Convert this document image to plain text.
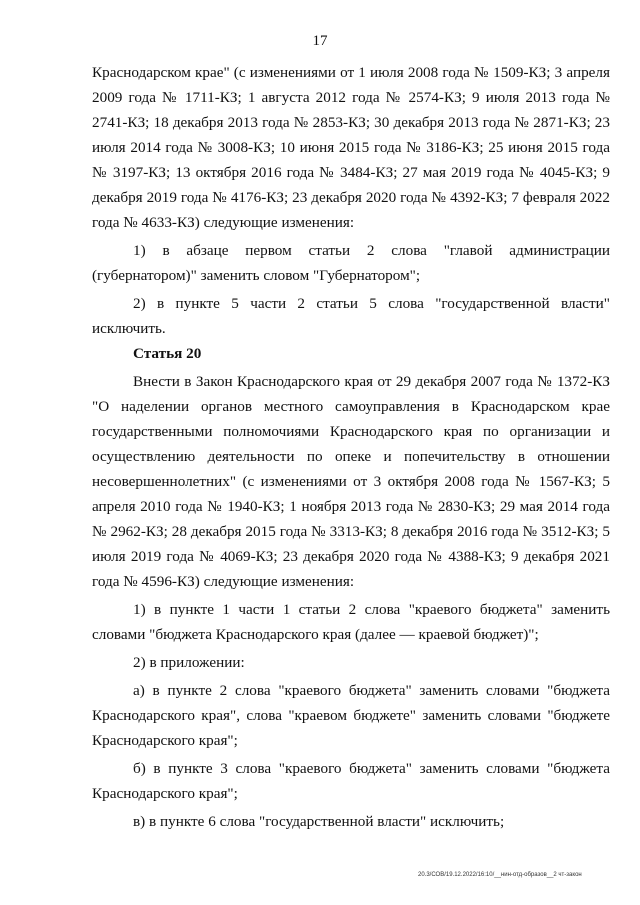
17

Краснодарском крае" (с изменениями от 1 июля 2008 года № 1509-КЗ; 3 апреля 2009 года № 1711-КЗ; 1 августа 2012 года № 2574-КЗ; 9 июля 2013 года № 2741-КЗ; 18 декабря 2013 года № 2853-КЗ; 30 декабря 2013 года № 2871-КЗ; 23 июля 2014 года № 3008-КЗ; 10 июня 2015 года № 3186-КЗ; 25 июня 2015 года № 3197-КЗ; 13 октября 2016 года № 3484-КЗ; 27 мая 2019 года № 4045-КЗ; 9 декабря 2019 года № 4176-КЗ; 23 декабря 2020 года № 4392-КЗ; 7 февраля 2022 года № 4633-КЗ) следующие изменения:

1) в абзаце первом статьи 2 слова "главой администрации (губернатором)" заменить словом "Губернатором";

2) в пункте 5 части 2 статьи 5 слова "государственной власти" исключить.

Статья 20

Внести в Закон Краснодарского края от 29 декабря 2007 года № 1372-КЗ "О наделении органов местного самоуправления в Краснодарском крае государственными полномочиями Краснодарского края по организации и осуществлению деятельности по опеке и попечительству в отношении несовершеннолетних" (с изменениями от 3 октября 2008 года № 1567-КЗ; 5 апреля 2010 года № 1940-КЗ; 1 ноября 2013 года № 2830-КЗ; 29 мая 2014 года № 2962-КЗ; 28 декабря 2015 года № 3313-КЗ; 8 декабря 2016 года № 3512-КЗ; 5 июля 2019 года № 4069-КЗ; 23 декабря 2020 года № 4388-КЗ; 9 декабря 2021 года № 4596-КЗ) следующие изменения:

1) в пункте 1 части 1 статьи 2 слова "краевого бюджета" заменить словами "бюджета Краснодарского края (далее — краевой бюджет)";

2) в приложении:

а) в пункте 2 слова "краевого бюджета" заменить словами "бюджета Краснодарского края", слова "краевом бюджете" заменить словами "бюджете Краснодарского края";

б) в пункте 3 слова "краевого бюджета" заменить словами "бюджета Краснодарского края";

в) в пункте 6 слова "государственной власти" исключить;

20.3/СОВ/19.12.2022/16:10/__нин-отд-образов__2 чт-закон
